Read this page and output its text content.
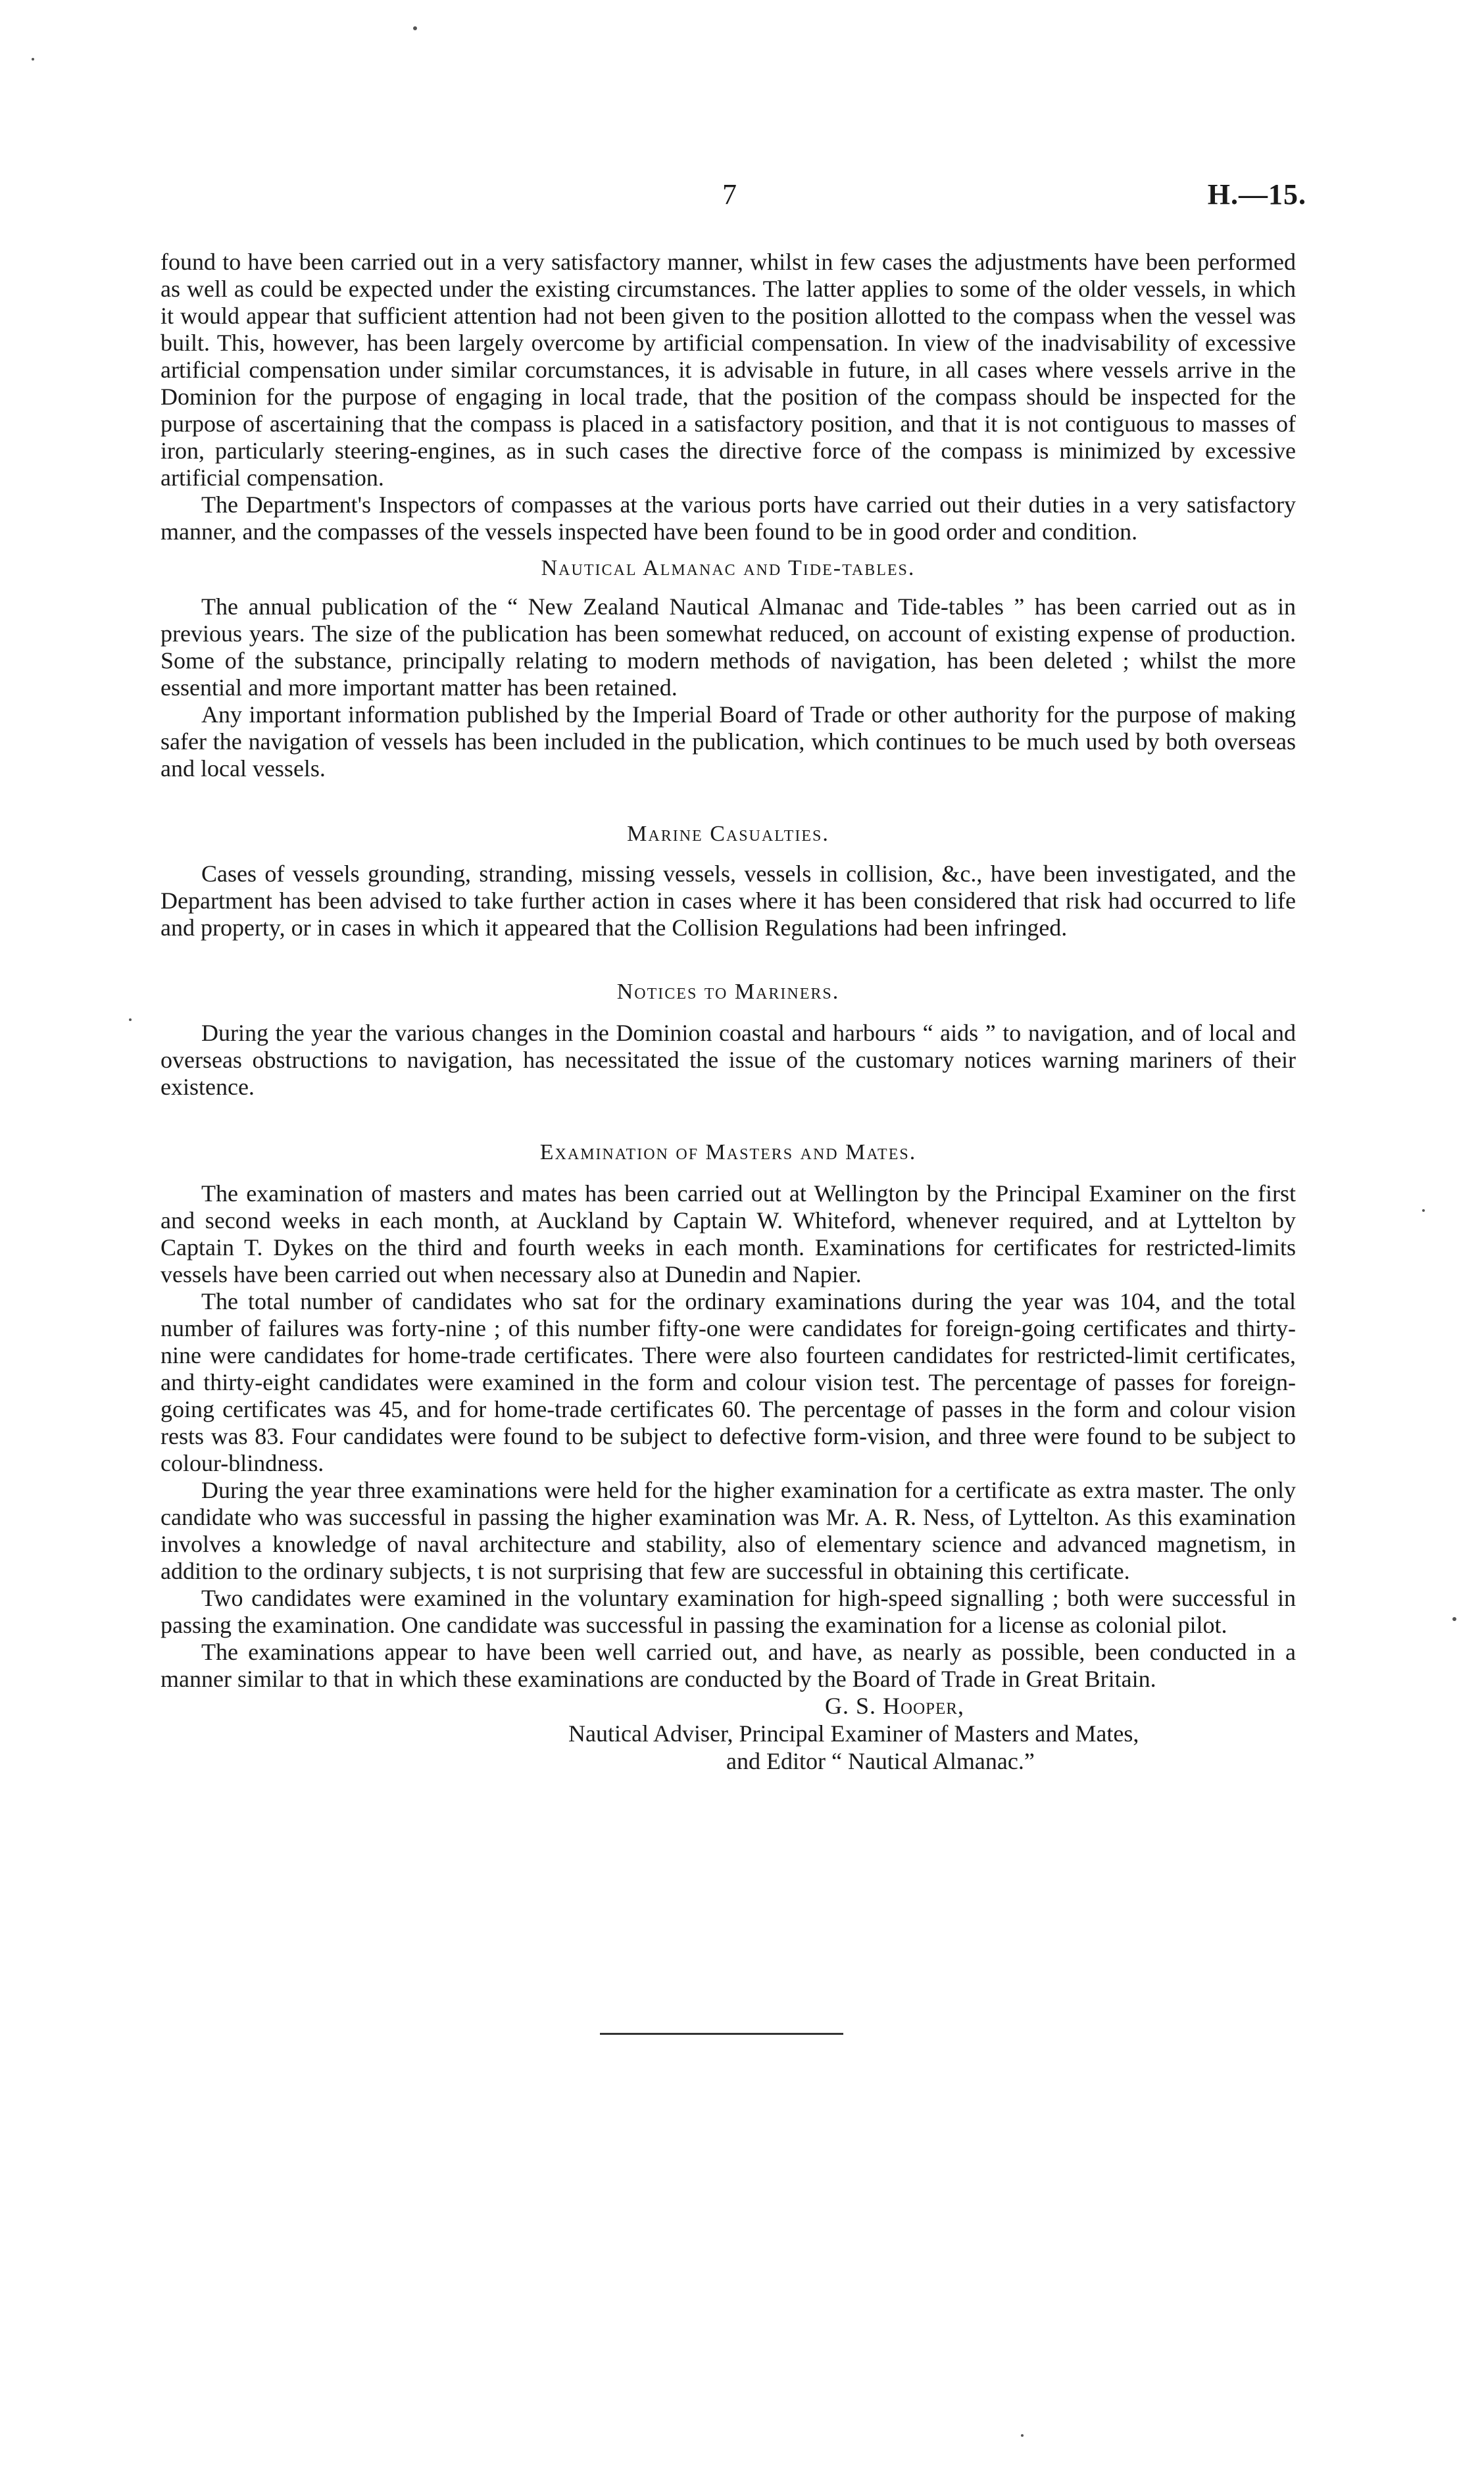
7	H.—15.

found to have been carried out in a very satisfactory manner, whilst in few cases the adjustments have been performed as well as could be expected under the existing circumstances. The latter applies to some of the older vessels, in which it would appear that sufficient attention had not been given to the position allotted to the compass when the vessel was built. This, however, has been largely overcome by artificial compensation. In view of the inadvisability of excessive artificial compensation under similar corcumstances, it is advisable in future, in all cases where vessels arrive in the Dominion for the purpose of engaging in local trade, that the position of the compass should be inspected for the purpose of ascertaining that the compass is placed in a satisfactory position, and that it is not contiguous to masses of iron, particularly steering-engines, as in such cases the directive force of the compass is minimized by excessive artificial compensation.

The Department's Inspectors of compasses at the various ports have carried out their duties in a very satisfactory manner, and the compasses of the vessels inspected have been found to be in good order and condition.

Nautical Almanac and Tide-tables.

The annual publication of the “ New Zealand Nautical Almanac and Tide-tables ” has been carried out as in previous years. The size of the publication has been somewhat reduced, on account of existing expense of production. Some of the substance, principally relating to modern methods of navigation, has been deleted ; whilst the more essential and more important matter has been retained.

Any important information published by the Imperial Board of Trade or other authority for the purpose of making safer the navigation of vessels has been included in the publication, which continues to be much used by both overseas and local vessels.

Marine Casualties.

Cases of vessels grounding, stranding, missing vessels, vessels in collision, &c., have been investigated, and the Department has been advised to take further action in cases where it has been considered that risk had occurred to life and property, or in cases in which it appeared that the Collision Regulations had been infringed.

Notices to Mariners.

During the year the various changes in the Dominion coastal and harbours “ aids ” to navigation, and of local and overseas obstructions to navigation, has necessitated the issue of the customary notices warning mariners of their existence.

Examination of Masters and Mates.

The examination of masters and mates has been carried out at Wellington by the Principal Examiner on the first and second weeks in each month, at Auckland by Captain W. Whiteford, whenever required, and at Lyttelton by Captain T. Dykes on the third and fourth weeks in each month. Examinations for certificates for restricted-limits vessels have been carried out when necessary also at Dunedin and Napier.

The total number of candidates who sat for the ordinary examinations during the year was 104, and the total number of failures was forty-nine ; of this number fifty-one were candidates for foreign-going certificates and thirty-nine were candidates for home-trade certificates. There were also fourteen candidates for restricted-limit certificates, and thirty-eight candidates were examined in the form and colour vision test. The percentage of passes for foreign-going certificates was 45, and for home-trade certificates 60. The percentage of passes in the form and colour vision rests was 83. Four candidates were found to be subject to defective form-vision, and three were found to be subject to colour-blindness.

During the year three examinations were held for the higher examination for a certificate as extra master. The only candidate who was successful in passing the higher examination was Mr. A. R. Ness, of Lyttelton. As this examination involves a knowledge of naval architecture and stability, also of elementary science and advanced magnetism, in addition to the ordinary subjects, t is not surprising that few are successful in obtaining this certificate.

Two candidates were examined in the voluntary examination for high-speed signalling ; both were successful in passing the examination. One candidate was successful in passing the examination for a license as colonial pilot.

The examinations appear to have been well carried out, and have, as nearly as possible, been conducted in a manner similar to that in which these examinations are conducted by the Board of Trade in Great Britain.

G. S. Hooper,
Nautical Adviser, Principal Examiner of Masters and Mates,
and Editor “ Nautical Almanac.”
